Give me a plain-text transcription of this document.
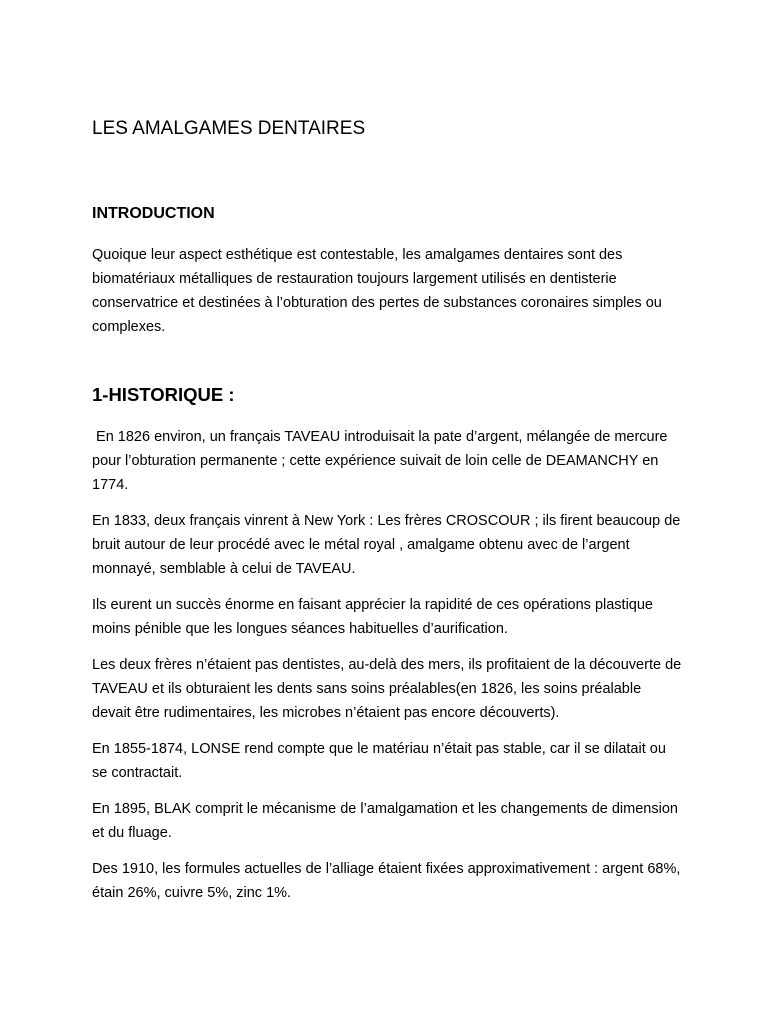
LES AMALGAMES DENTAIRES
INTRODUCTION

Quoique leur aspect esthétique est contestable, les amalgames dentaires sont des biomatériaux métalliques de restauration toujours largement utilisés en dentisterie conservatrice et destinées à l’obturation des pertes de substances coronaires simples ou complexes.

1-HISTORIQUE :

En 1826 environ, un français TAVEAU introduisait la pate d’argent, mélangée de mercure pour l’obturation permanente ; cette expérience suivait de loin celle de DEAMANCHY en 1774.

En 1833, deux français vinrent à New York : Les frères CROSCOUR ; ils firent beaucoup de bruit autour de leur procédé avec le métal royal , amalgame obtenu avec de l’argent monnayé, semblable à celui de TAVEAU.

Ils eurent un succès énorme en faisant apprécier la rapidité de ces opérations plastique moins pénible que les longues séances habituelles d’aurification.

Les deux frères n’étaient pas dentistes, au-delà des mers, ils profitaient de la découverte de TAVEAU et ils obturaient les dents sans soins préalables(en 1826, les soins préalable devait être rudimentaires, les microbes n’étaient pas encore découverts).

En 1855-1874, LONSE rend compte que le matériau n’était pas stable, car il se dilatait ou se contractait.

En 1895, BLAK comprit le mécanisme de l’amalgamation et les changements de dimension et du fluage.

Des 1910, les formules actuelles de l’alliage étaient fixées approximativement : argent 68%, étain 26%, cuivre 5%, zinc 1%.
